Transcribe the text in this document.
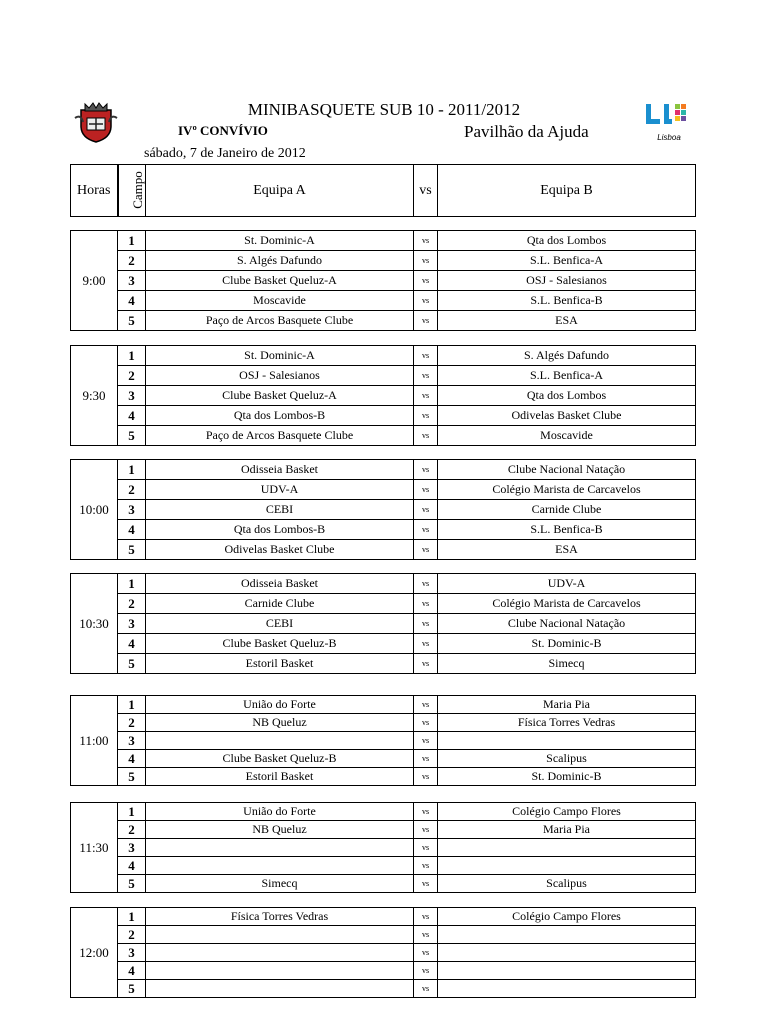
Lisboa
MINIBASQUETE SUB 10 - 2011/2012
IVº CONVÍVIO	Pavilhão da Ajuda
sábado, 7 de Janeiro de 2012
Horas	Campo	Equipa A	vs	Equipa B
9:00	1	St. Dominic-A	vs	Qta dos Lombos
	2	S. Algés Dafundo	vs	S.L. Benfica-A
	3	Clube Basket Queluz-A	vs	OSJ - Salesianos
	4	Moscavide	vs	S.L. Benfica-B
	5	Paço de Arcos Basquete Clube	vs	ESA
9:30	1	St. Dominic-A	vs	S. Algés Dafundo
	2	OSJ - Salesianos	vs	S.L. Benfica-A
	3	Clube Basket Queluz-A	vs	Qta dos Lombos
	4	Qta dos Lombos-B	vs	Odivelas Basket Clube
	5	Paço de Arcos Basquete Clube	vs	Moscavide
10:00	1	Odisseia Basket	vs	Clube Nacional Natação
	2	UDV-A	vs	Colégio Marista de Carcavelos
	3	CEBI	vs	Carnide Clube
	4	Qta dos Lombos-B	vs	S.L. Benfica-B
	5	Odivelas Basket Clube	vs	ESA
10:30	1	Odisseia Basket	vs	UDV-A
	2	Carnide Clube	vs	Colégio Marista de Carcavelos
	3	CEBI	vs	Clube Nacional Natação
	4	Clube Basket Queluz-B	vs	St. Dominic-B
	5	Estoril Basket	vs	Simecq
11:00	1	União do Forte	vs	Maria Pia
	2	NB Queluz	vs	Física Torres Vedras
	3		vs	
	4	Clube Basket Queluz-B	vs	Scalipus
	5	Estoril Basket	vs	St. Dominic-B
11:30	1	União do Forte	vs	Colégio Campo Flores
	2	NB Queluz	vs	Maria Pia
	3		vs	
	4		vs	
	5	Simecq	vs	Scalipus
12:00	1	Física Torres Vedras	vs	Colégio Campo Flores
	2		vs	
	3		vs	
	4		vs	
	5		vs	
